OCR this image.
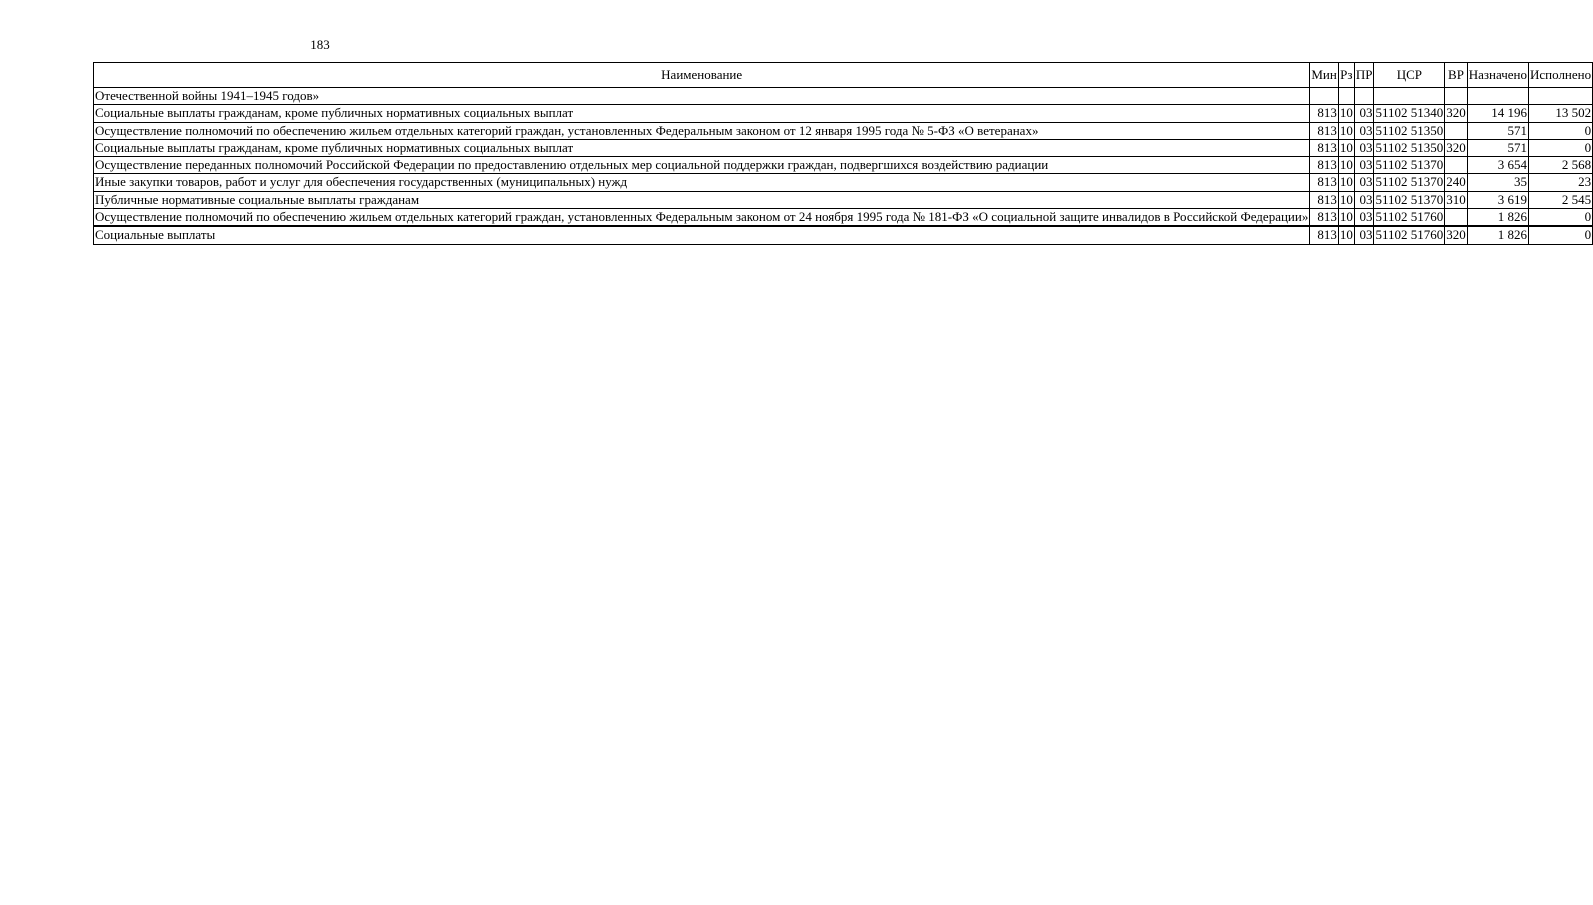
183
Наименование	Мин	Рз	ПР	ЦСР	ВР	Назначено	Исполнено
Отечественной войны 1941–1945 годов»							
Социальные выплаты гражданам, кроме публичных нормативных социальных выплат	813	10	03	51102 51340	320	14 196	13 502
Осуществление полномочий по обеспечению жильем отдельных категорий граждан, установленных Федеральным законом от 12 января 1995 года № 5-ФЗ «О ветеранах»	813	10	03	51102 51350		571	0
Социальные выплаты гражданам, кроме публичных нормативных социальных выплат	813	10	03	51102 51350	320	571	0
Осуществление переданных полномочий Российской Федерации по предоставлению отдельных мер социальной поддержки граждан, подвергшихся воздействию радиации	813	10	03	51102 51370		3 654	2 568
Иные закупки товаров, работ и услуг для обеспечения государственных (муниципальных) нужд	813	10	03	51102 51370	240	35	23
Публичные нормативные социальные выплаты гражданам	813	10	03	51102 51370	310	3 619	2 545
Осуществление полномочий по обеспечению жильем отдельных категорий граждан, установленных Федеральным законом от 24 ноября 1995 года № 181-ФЗ «О социальной защите инвалидов в Российской Федерации»	813	10	03	51102 51760		1 826	0
Социальные выплаты	813	10	03	51102 51760	320	1 826	0
